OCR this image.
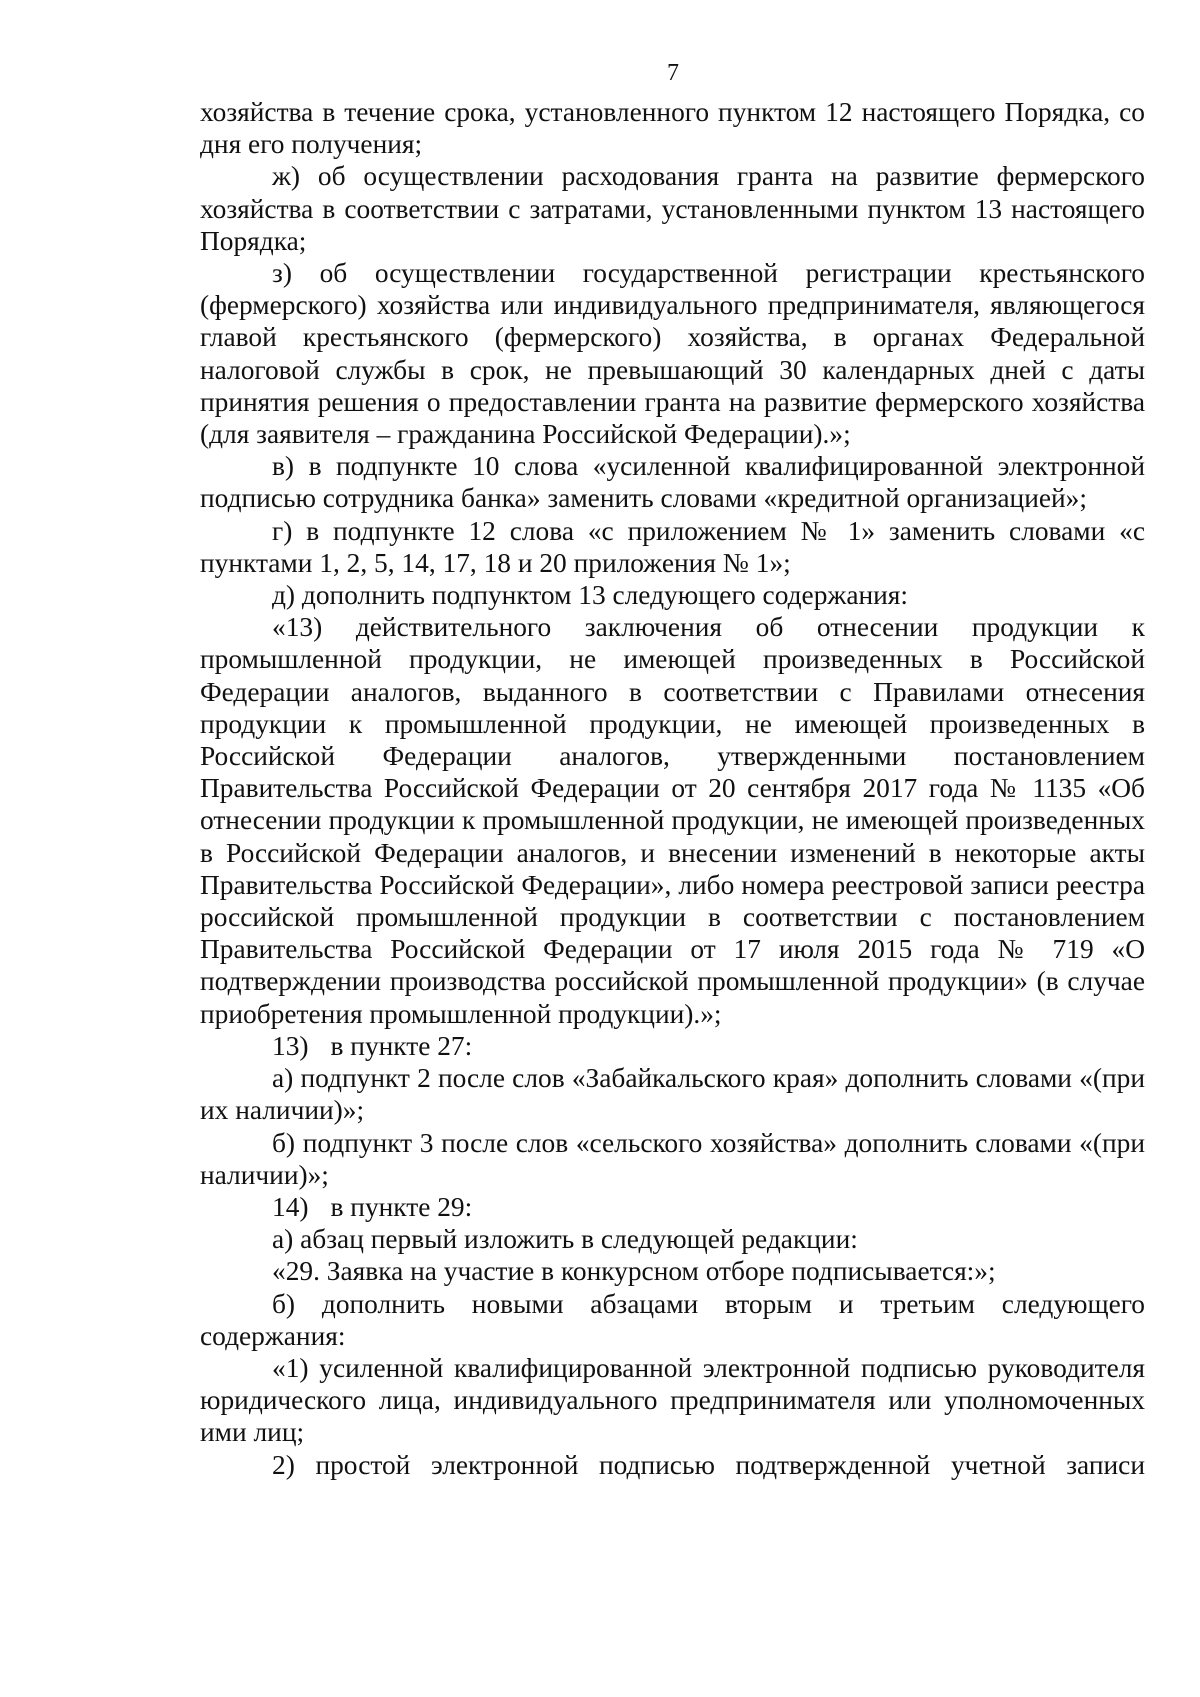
7

хозяйства в течение срока, установленного пунктом 12 настоящего Порядка, со дня его получения;

ж) об осуществлении расходования гранта на развитие фермерского хозяйства в соответствии с затратами, установленными пунктом 13 настоящего Порядка;

з) об осуществлении государственной регистрации крестьянского (фермерского) хозяйства или индивидуального предпринимателя, являющегося главой крестьянского (фермерского) хозяйства, в органах Федеральной налоговой службы в срок, не превышающий 30 календарных дней с даты принятия решения о предоставлении гранта на развитие фермерского хозяйства (для заявителя – гражданина Российской Федерации).»;

в) в подпункте 10 слова «усиленной квалифицированной электронной подписью сотрудника банка» заменить словами «кредитной организацией»;

г) в подпункте 12 слова «с приложением № 1» заменить словами «с пунктами 1, 2, 5, 14, 17, 18 и 20 приложения № 1»;

д) дополнить подпунктом 13 следующего содержания:

«13) действительного заключения об отнесении продукции к промышленной продукции, не имеющей произведенных в Российской Федерации аналогов, выданного в соответствии с Правилами отнесения продукции к промышленной продукции, не имеющей произведенных в Российской Федерации аналогов, утвержденными постановлением Правительства Российской Федерации от 20 сентября 2017 года № 1135 «Об отнесении продукции к промышленной продукции, не имеющей произведенных в Российской Федерации аналогов, и внесении изменений в некоторые акты Правительства Российской Федерации», либо номера реестровой записи реестра российской промышленной продукции в соответствии с постановлением Правительства Российской Федерации от 17 июля 2015 года № 719 «О подтверждении производства российской промышленной продукции» (в случае приобретения промышленной продукции).»;

13) в пункте 27:

а) подпункт 2 после слов «Забайкальского края» дополнить словами «(при их наличии)»;

б) подпункт 3 после слов «сельского хозяйства» дополнить словами «(при наличии)»;

14) в пункте 29:

а) абзац первый изложить в следующей редакции:

«29. Заявка на участие в конкурсном отборе подписывается:»;

б) дополнить новыми абзацами вторым и третьим следующего содержания:

«1) усиленной квалифицированной электронной подписью руководителя юридического лица, индивидуального предпринимателя или уполномоченных ими лиц;

2) простой электронной подписью подтвержденной учетной записи
